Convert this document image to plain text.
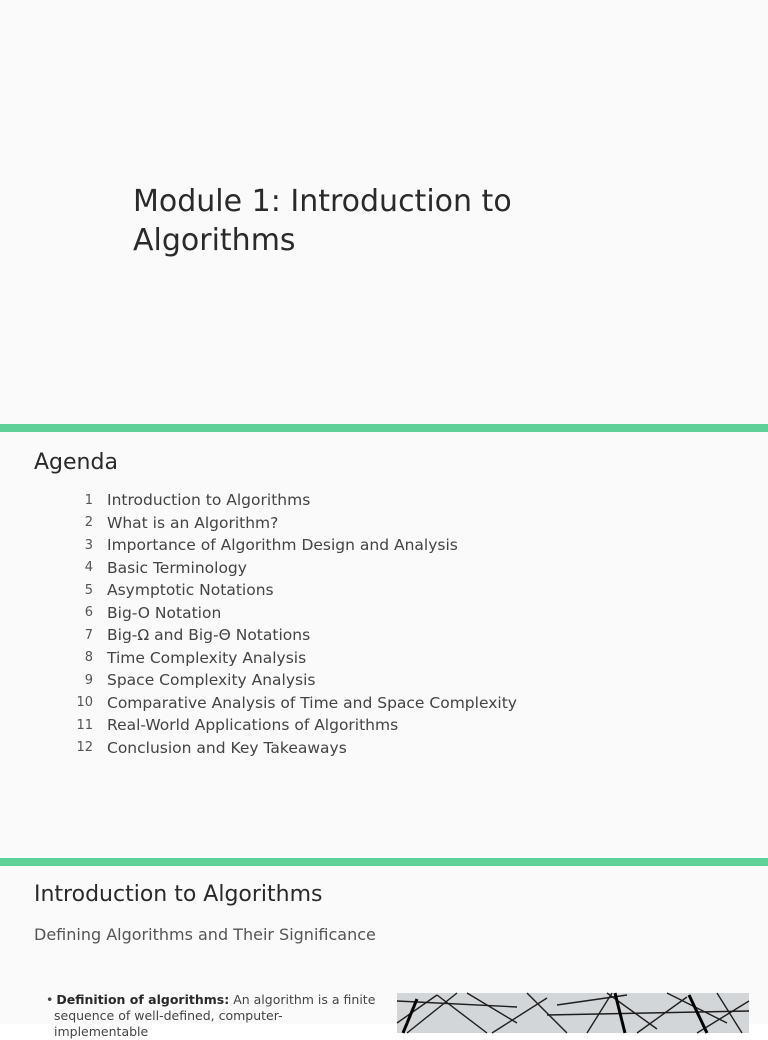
Module 1: Introduction to Algorithms
Agenda
1 Introduction to Algorithms
2 What is an Algorithm?
3 Importance of Algorithm Design and Analysis
4 Basic Terminology
5 Asymptotic Notations
6 Big-O Notation
7 Big-Ω and Big-Θ Notations
8 Time Complexity Analysis
9 Space Complexity Analysis
10 Comparative Analysis of Time and Space Complexity
11 Real-World Applications of Algorithms
12 Conclusion and Key Takeaways
Introduction to Algorithms

Defining Algorithms and Their Significance

• Definition of algorithms: An algorithm is a finite
sequence of well-defined, computer-implementable
